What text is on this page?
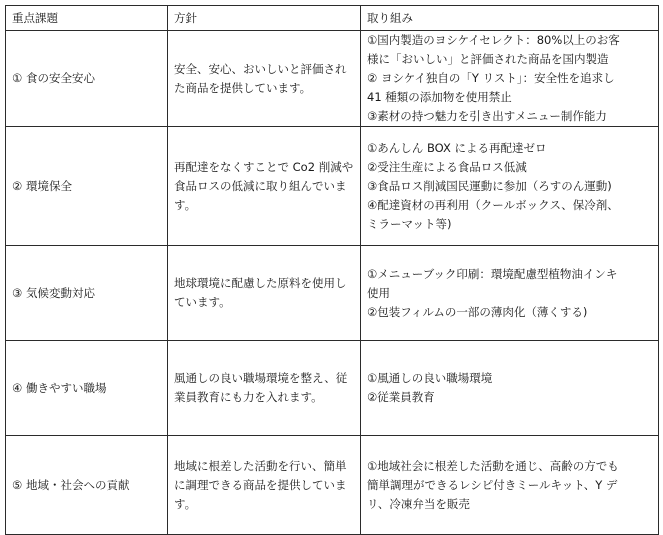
重点課題	方針	取り組み
① 食の安全安心	安全、安心、おいしいと評価された商品を提供しています。	①国内製造のヨシケイセレクト：80%以上のお客
様に「おいしい」と評価された商品を国内製造
② ヨシケイ独自の「Y リスト」：安全性を追求し
41 種類の添加物を使用禁止
③素材の持つ魅力を引き出すメニュー制作能力

② 環境保全	再配達をなくすことで Co2 削減や食品ロスの低減に取り組んでいます。	①あんしん BOX による再配達ゼロ
②受注生産による食品ロス低減
③食品ロス削減国民運動に参加（ろすのん運動)
④配達資材の再利用（クールボックス、保冷剤、
ミラーマット等)

③ 気候変動対応	地球環境に配慮した原料を使用しています。	①メニューブック印刷：環境配慮型植物油インキ
使用
②包装フィルムの一部の薄肉化（薄くする)

④ 働きやすい職場	風通しの良い職場環境を整え、従業員教育にも力を入れます。	①風通しの良い職場環境
②従業員教育

⑤ 地域・社会への貢献	地域に根差した活動を行い、簡単に調理できる商品を提供しています。	①地域社会に根差した活動を通じ、高齢の方でも
簡単調理ができるレシピ付きミールキット、Y デ
リ、冷凍弁当を販売
